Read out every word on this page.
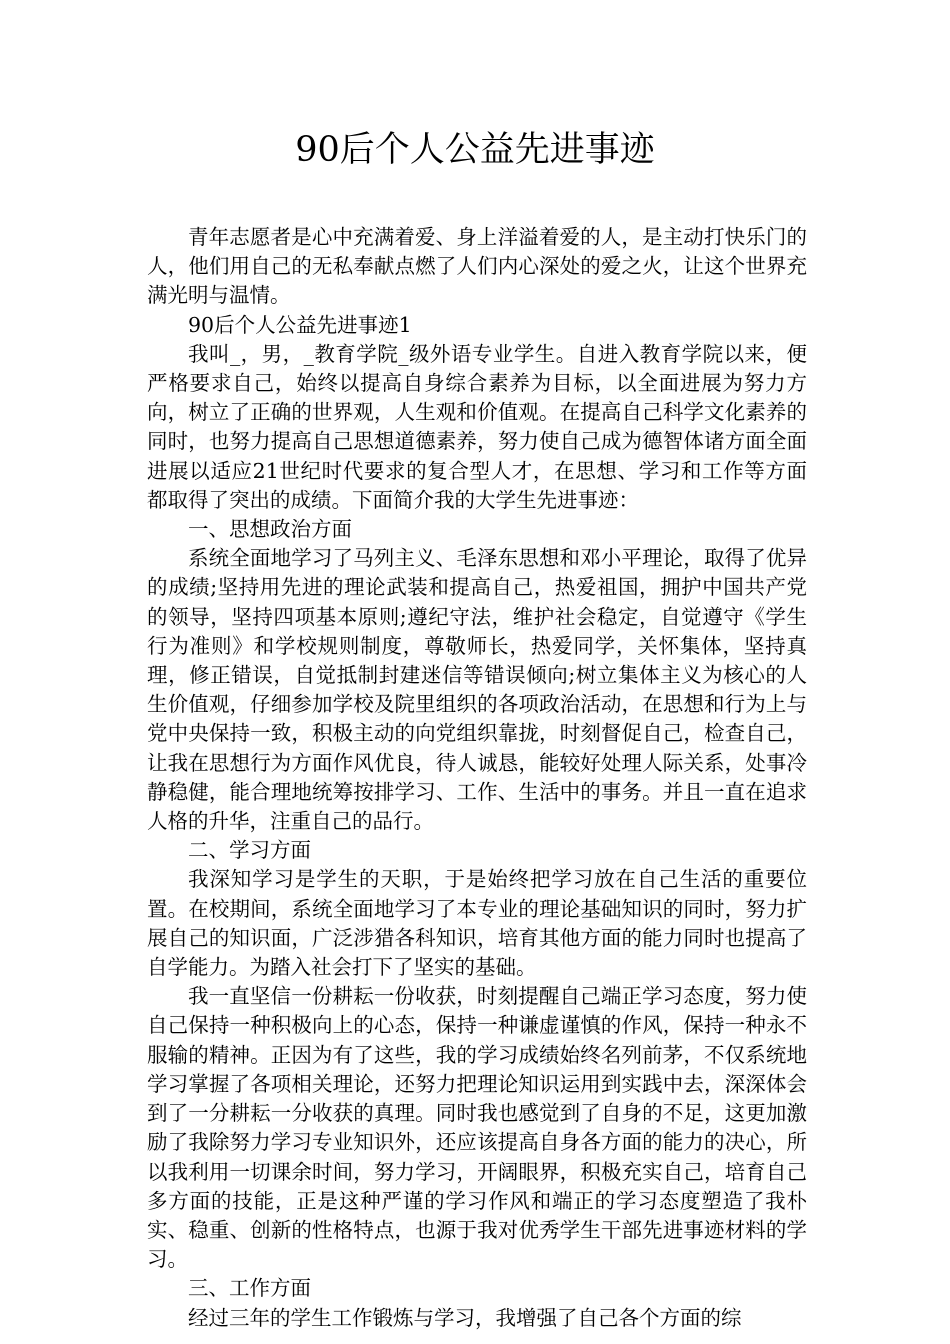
90后个人公益先进事迹

青年志愿者是心中充满着爱、身上洋溢着爱的人，是主动打快乐门的人，他们用自己的无私奉献点燃了人们内心深处的爱之火，让这个世界充满光明与温情。

90后个人公益先进事迹1

我叫_，男，_教育学院_级外语专业学生。自进入教育学院以来，便严格要求自己，始终以提高自身综合素养为目标，以全面进展为努力方向，树立了正确的世界观，人生观和价值观。在提高自己科学文化素养的同时，也努力提高自己思想道德素养，努力使自己成为德智体诸方面全面进展以适应21世纪时代要求的复合型人才，在思想、学习和工作等方面都取得了突出的成绩。下面简介我的大学生先进事迹：

一、思想政治方面

系统全面地学习了马列主义、毛泽东思想和邓小平理论，取得了优异的成绩;坚持用先进的理论武装和提高自己，热爱祖国，拥护中国共产党的领导，坚持四项基本原则;遵纪守法，维护社会稳定，自觉遵守《学生行为准则》和学校规则制度，尊敬师长，热爱同学，关怀集体，坚持真理，修正错误，自觉抵制封建迷信等错误倾向;树立集体主义为核心的人生价值观，仔细参加学校及院里组织的各项政治活动，在思想和行为上与党中央保持一致，积极主动的向党组织靠拢，时刻督促自己，检查自己，让我在思想行为方面作风优良，待人诚恳，能较好处理人际关系，处事冷静稳健，能合理地统筹按排学习、工作、生活中的事务。并且一直在追求人格的升华，注重自己的品行。

二、学习方面

我深知学习是学生的天职，于是始终把学习放在自己生活的重要位置。在校期间，系统全面地学习了本专业的理论基础知识的同时，努力扩展自己的知识面，广泛涉猎各科知识，培育其他方面的能力同时也提高了自学能力。为踏入社会打下了坚实的基础。

我一直坚信一份耕耘一份收获，时刻提醒自己端正学习态度，努力使自己保持一种积极向上的心态，保持一种谦虚谨慎的作风，保持一种永不服输的精神。正因为有了这些，我的学习成绩始终名列前茅，不仅系统地学习掌握了各项相关理论，还努力把理论知识运用到实践中去，深深体会到了一分耕耘一分收获的真理。同时我也感觉到了自身的不足，这更加激励了我除努力学习专业知识外，还应该提高自身各方面的能力的决心，所以我利用一切课余时间，努力学习，开阔眼界，积极充实自己，培育自己多方面的技能，正是这种严谨的学习作风和端正的学习态度塑造了我朴实、稳重、创新的性格特点，也源于我对优秀学生干部先进事迹材料的学习。

三、工作方面

经过三年的学生工作锻炼与学习，我增强了自己各个方面的综
